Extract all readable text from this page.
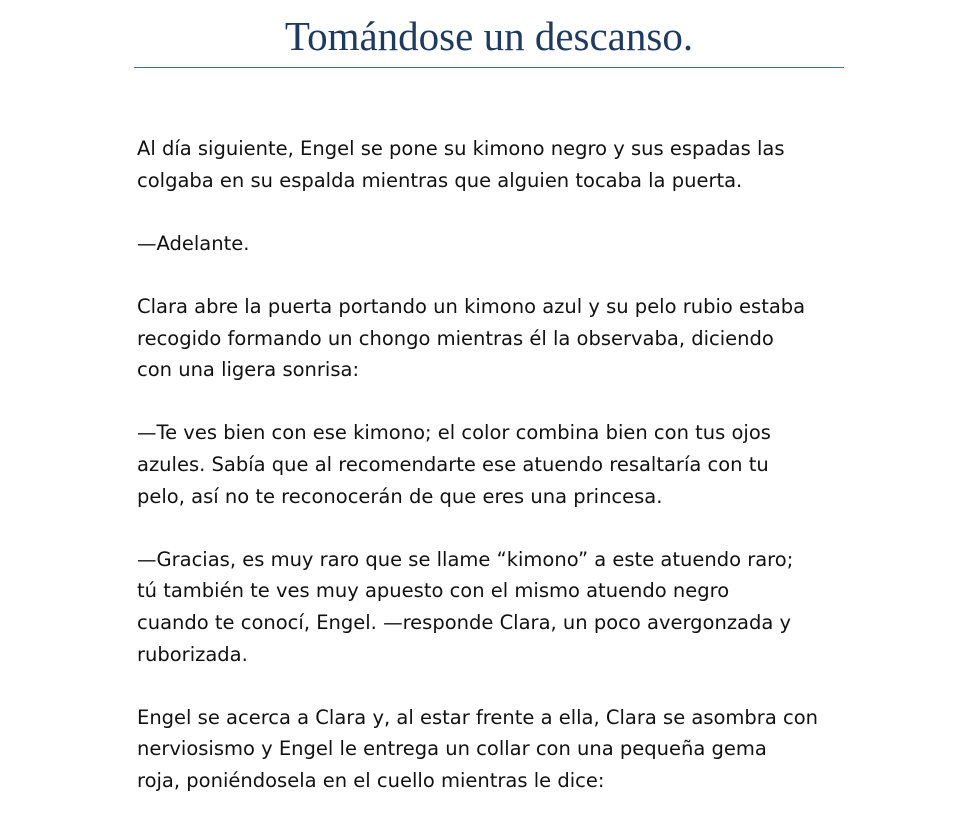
Tomándose un descanso.

Al día siguiente, Engel se pone su kimono negro y sus espadas las
colgaba en su espalda mientras que alguien tocaba la puerta.

—Adelante.

Clara abre la puerta portando un kimono azul y su pelo rubio estaba
recogido formando un chongo mientras él la observaba, diciendo
con una ligera sonrisa:

—Te ves bien con ese kimono; el color combina bien con tus ojos
azules. Sabía que al recomendarte ese atuendo resaltaría con tu
pelo, así no te reconocerán de que eres una princesa.

—Gracias, es muy raro que se llame “kimono” a este atuendo raro;
tú también te ves muy apuesto con el mismo atuendo negro
cuando te conocí, Engel. —responde Clara, un poco avergonzada y
ruborizada.

Engel se acerca a Clara y, al estar frente a ella, Clara se asombra con
nerviosismo y Engel le entrega un collar con una pequeña gema
roja, poniéndosela en el cuello mientras le dice:
